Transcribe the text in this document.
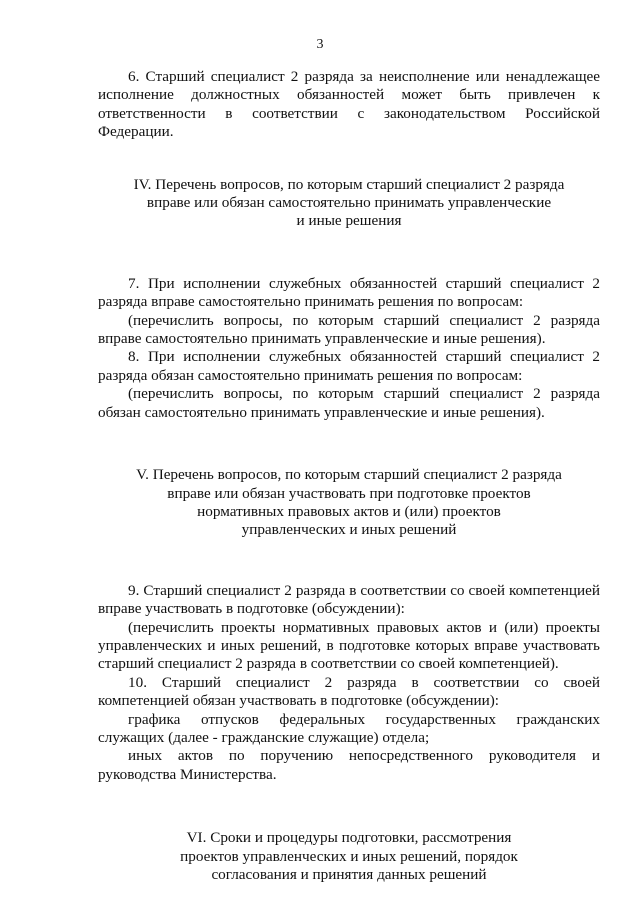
3

6. Старший специалист 2 разряда за неисполнение или ненадлежащее исполнение должностных обязанностей может быть привлечен к ответственности в соответствии с законодательством Российской Федерации.

IV. Перечень вопросов, по которым старший специалист 2 разряда
вправе или обязан самостоятельно принимать управленческие
и иные решения

7. При исполнении служебных обязанностей старший специалист 2 разряда вправе самостоятельно принимать решения по вопросам:

(перечислить вопросы, по которым старший специалист 2 разряда вправе самостоятельно принимать управленческие и иные решения).

8. При исполнении служебных обязанностей старший специалист 2 разряда обязан самостоятельно принимать решения по вопросам:

(перечислить вопросы, по которым старший специалист 2 разряда обязан самостоятельно принимать управленческие и иные решения).

V. Перечень вопросов, по которым старший специалист 2 разряда
вправе или обязан участвовать при подготовке проектов
нормативных правовых актов и (или) проектов
управленческих и иных решений

9. Старший специалист 2 разряда в соответствии со своей компетенцией вправе участвовать в подготовке (обсуждении):

(перечислить проекты нормативных правовых актов и (или) проекты управленческих и иных решений, в подготовке которых вправе участвовать старший специалист 2 разряда в соответствии со своей компетенцией).

10. Старший специалист 2 разряда в соответствии со своей компетенцией обязан участвовать в подготовке (обсуждении):

графика отпусков федеральных государственных гражданских служащих (далее - гражданские служащие) отдела;

иных актов по поручению непосредственного руководителя и руководства Министерства.

VI. Сроки и процедуры подготовки, рассмотрения
проектов управленческих и иных решений, порядок
согласования и принятия данных решений
